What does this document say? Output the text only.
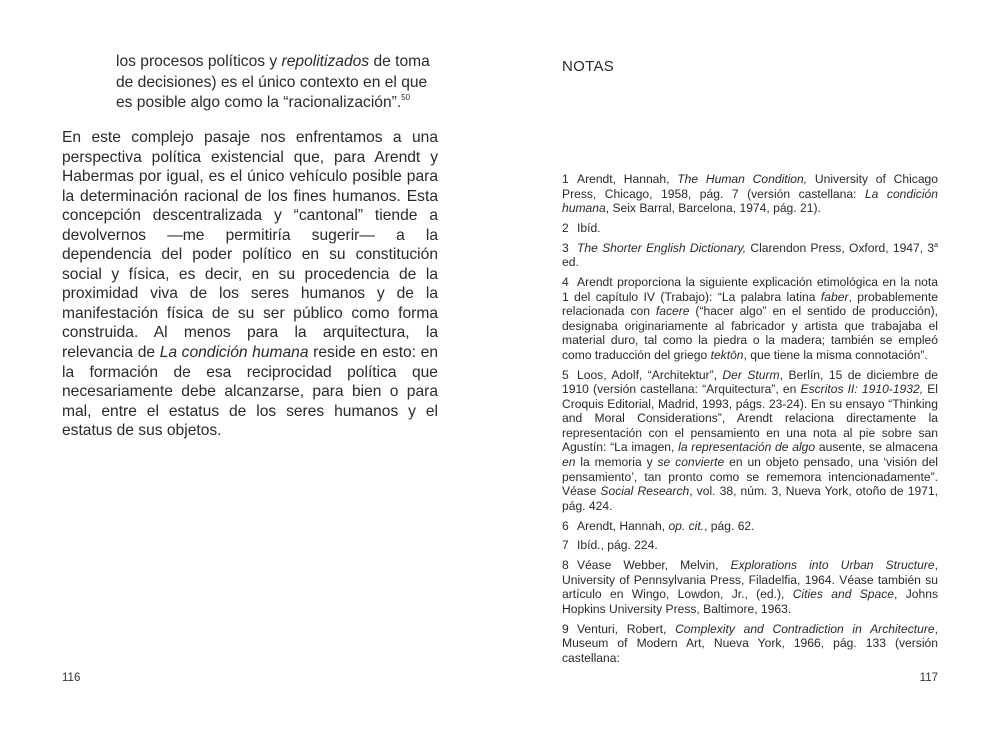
los procesos políticos y repolitizados de toma de decisiones) es el único contexto en el que es posible algo como la “racionalización”.$^{50}$
En este complejo pasaje nos enfrentamos a una perspectiva política existencial que, para Arendt y Habermas por igual, es el único vehículo posible para la determinación racional de los fines humanos. Esta concepción descentralizada y “cantonal” tiende a devolvernos —me permitiría sugerir— a la dependencia del poder político en su constitución social y física, es decir, en su procedencia de la proximidad viva de los seres humanos y de la manifestación física de su ser público como forma construida. Al menos para la arquitectura, la relevancia de La condición humana reside en esto: en la formación de esa reciprocidad política que necesariamente debe alcanzarse, para bien o para mal, entre el estatus de los seres humanos y el estatus de sus objetos.
116
NOTAS

1 Arendt, Hannah, The Human Condition, University of Chicago Press, Chicago, 1958, pág. 7 (versión castellana: La condición humana, Seix Barral, Barcelona, 1974, pág. 21).

2 Ibíd.

3 The Shorter English Dictionary, Clarendon Press, Oxford, 1947, 3$^a$ ed.

4 Arendt proporciona la siguiente explicación etimológica en la nota 1 del capítulo IV (Trabajo): “La palabra latina faber, probablemente relacionada con facere (“hacer algo” en el sentido de producción), designaba originariamente al fabricador y artista que trabajaba el material duro, tal como la piedra o la madera; también se empleó como traducción del griego tektōn, que tiene la misma connotación”.

5 Loos, Adolf, “Architektur”, Der Sturm, Berlín, 15 de diciembre de 1910 (versión castellana: “Arquitectura”, en Escritos II: 1910-1932, El Croquis Editorial, Madrid, 1993, págs. 23-24). En su ensayo “Thinking and Moral Considerations”, Arendt relaciona directamente la representación con el pensamiento en una nota al pie sobre san Agustín: “La imagen, la representación de algo ausente, se almacena en la memoria y se convierte en un objeto pensado, una ‘visión del pensamiento’, tan pronto como se rememora intencionadamente”. Véase Social Research, vol. 38, núm. 3, Nueva York, otoño de 1971, pág. 424.

6 Arendt, Hannah, op. cit., pág. 62.

7 Ibíd., pág. 224.

8 Véase Webber, Melvin, Explorations into Urban Structure, University of Pennsylvania Press, Filadelfia, 1964. Véase también su artículo en Wingo, Lowdon, Jr., (ed.), Cities and Space, Johns Hopkins University Press, Baltimore, 1963.

9 Venturi, Robert, Complexity and Contradiction in Architecture, Museum of Modern Art, Nueva York, 1966, pág. 133 (versión castellana:

117
